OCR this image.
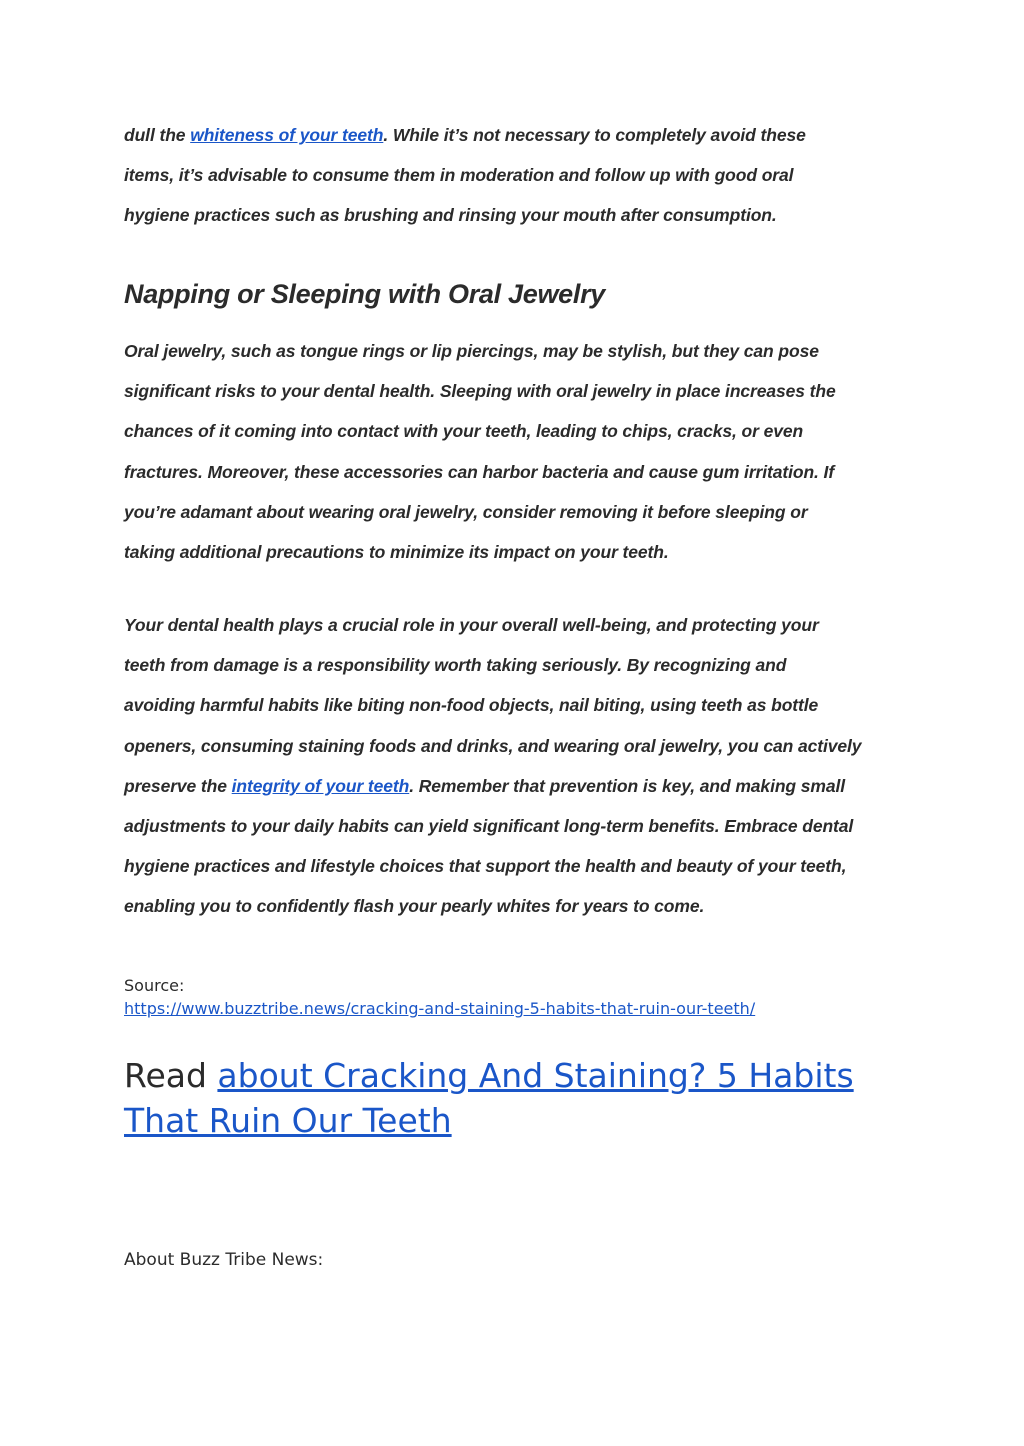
dull the whiteness of your teeth. While it’s not necessary to completely avoid these
items, it’s advisable to consume them in moderation and follow up with good oral
hygiene practices such as brushing and rinsing your mouth after consumption.

Napping or Sleeping with Oral Jewelry

Oral jewelry, such as tongue rings or lip piercings, may be stylish, but they can pose
significant risks to your dental health. Sleeping with oral jewelry in place increases the
chances of it coming into contact with your teeth, leading to chips, cracks, or even
fractures. Moreover, these accessories can harbor bacteria and cause gum irritation. If
you’re adamant about wearing oral jewelry, consider removing it before sleeping or
taking additional precautions to minimize its impact on your teeth.

Your dental health plays a crucial role in your overall well-being, and protecting your
teeth from damage is a responsibility worth taking seriously. By recognizing and
avoiding harmful habits like biting non-food objects, nail biting, using teeth as bottle
openers, consuming staining foods and drinks, and wearing oral jewelry, you can actively
preserve the integrity of your teeth. Remember that prevention is key, and making small
adjustments to your daily habits can yield significant long-term benefits. Embrace dental
hygiene practices and lifestyle choices that support the health and beauty of your teeth,
enabling you to confidently flash your pearly whites for years to come.

Source:
https://www.buzztribe.news/cracking-and-staining-5-habits-that-ruin-our-teeth/

Read about Cracking And Staining? 5 Habits That Ruin Our Teeth

About Buzz Tribe News:
